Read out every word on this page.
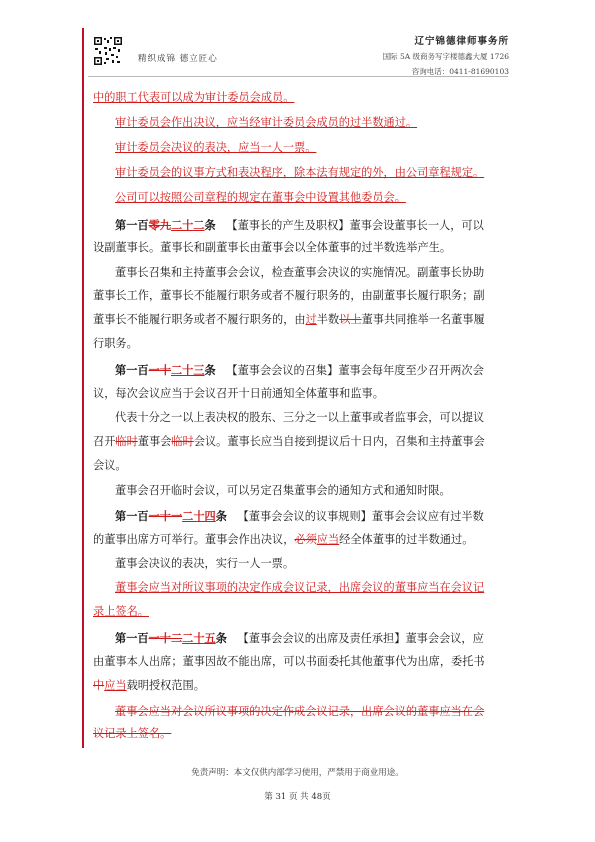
精织成锦 德立匠心
辽宁锦德律师事务所
国际 5A 级商务写字楼德鑫大厦 1726
咨询电话：0411-81690103
中的职工代表可以成为审计委员会成员。
审计委员会作出决议，应当经审计委员会成员的过半数通过。
审计委员会决议的表决，应当一人一票。
审计委员会的议事方式和表决程序，除本法有规定的外，由公司章程规定。
公司可以按照公司章程的规定在董事会中设置其他委员会。
第一百零九二十二条 【董事长的产生及职权】董事会设董事长一人，可以
设副董事长。董事长和副董事长由董事会以全体董事的过半数选举产生。
董事长召集和主持董事会会议，检查董事会决议的实施情况。副董事长协助
董事长工作，董事长不能履行职务或者不履行职务的，由副董事长履行职务；副
董事长不能履行职务或者不履行职务的，由过半数以上董事共同推举一名董事履
行职务。
第一百一十二十三条 【董事会会议的召集】董事会每年度至少召开两次会
议，每次会议应当于会议召开十日前通知全体董事和监事。
代表十分之一以上表决权的股东、三分之一以上董事或者监事会，可以提议
召开临时董事会临时会议。董事长应当自接到提议后十日内，召集和主持董事会
会议。
董事会召开临时会议，可以另定召集董事会的通知方式和通知时限。
第一百一十一二十四条 【董事会会议的议事规则】董事会会议应有过半数
的董事出席方可举行。董事会作出决议，必须应当经全体董事的过半数通过。
董事会决议的表决，实行一人一票。
董事会应当对所议事项的决定作成会议记录，出席会议的董事应当在会议记
录上签名。
第一百一十二二十五条 【董事会会议的出席及责任承担】董事会会议，应
由董事本人出席；董事因故不能出席，可以书面委托其他董事代为出席，委托书
中应当载明授权范围。
董事会应当对会议所议事项的决定作成会议记录，出席会议的董事应当在会
议记录上签名。
免责声明：本文仅供内部学习使用，严禁用于商业用途。
第 31 页 共 48页
